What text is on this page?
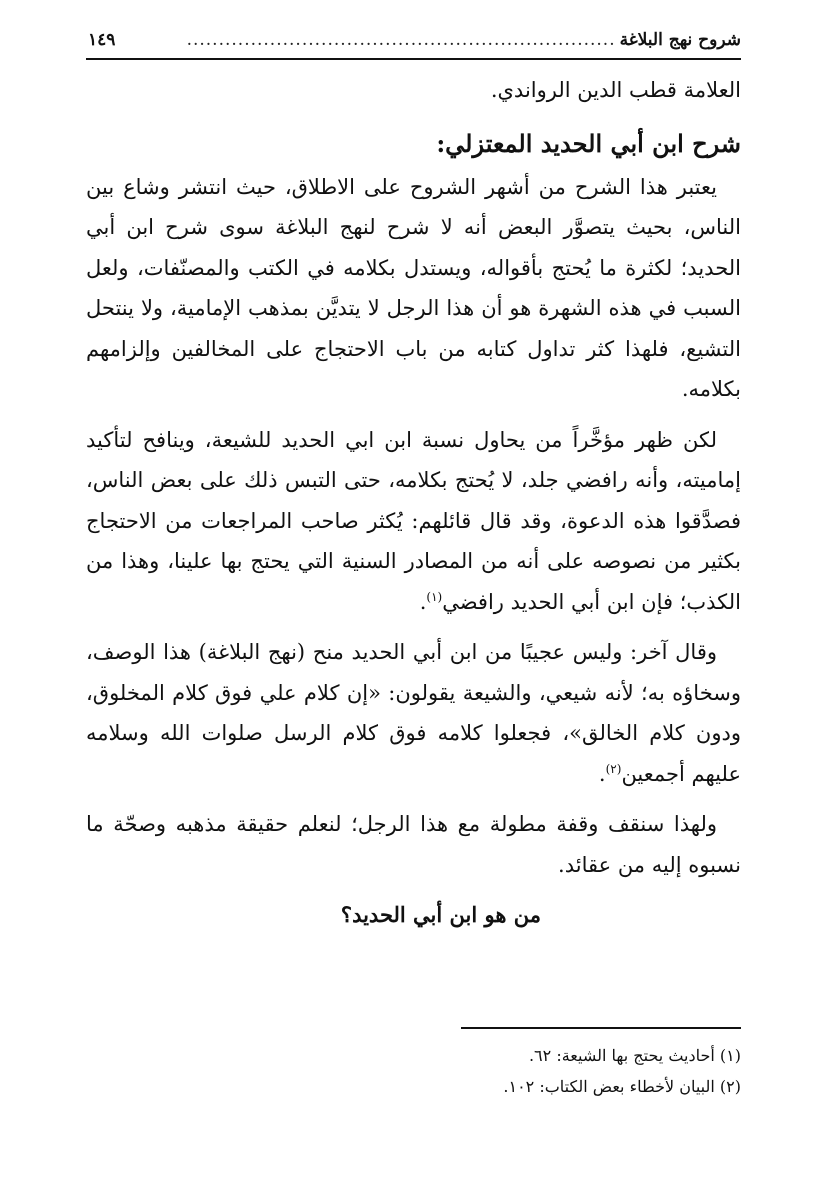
شروح نهج البلاغة
...................................................................
١٤٩

العلامة قطب الدين الرواندي.

شرح ابن أبي الحديد المعتزلي:

يعتبر هذا الشرح من أشهر الشروح على الاطلاق، حيث انتشر وشاع بين الناس، بحيث يتصوَّر البعض أنه لا شرح لنهج البلاغة سوى شرح ابن أبي الحديد؛ لكثرة ما يُحتج بأقواله، ويستدل بكلامه في الكتب والمصنّفات، ولعل السبب في هذه الشهرة هو أن هذا الرجل لا يتديَّن بمذهب الإمامية، ولا ينتحل التشيع، فلهذا كثر تداول كتابه من باب الاحتجاج على المخالفين وإلزامهم بكلامه.

لكن ظهر مؤخَّراً من يحاول نسبة ابن ابي الحديد للشيعة، وينافح لتأكيد إماميته، وأنه رافضي جلد، لا يُحتج بكلامه، حتى التبس ذلك على بعض الناس، فصدَّقوا هذه الدعوة، وقد قال قائلهم: يُكثر صاحب المراجعات من الاحتجاج بكثير من نصوصه على أنه من المصادر السنية التي يحتج بها علينا، وهذا من الكذب؛ فإن ابن أبي الحديد رافضي$^{(١)}$.

وقال آخر: وليس عجيبًا من ابن أبي الحديد منح (نهج البلاغة) هذا الوصف، وسخاؤه به؛ لأنه شيعي، والشيعة يقولون: «إن كلام علي فوق كلام المخلوق، ودون كلام الخالق»، فجعلوا كلامه فوق كلام الرسل صلوات الله وسلامه عليهم أجمعين$^{(٢)}$.

ولهذا سنقف وقفة مطولة مع هذا الرجل؛ لنعلم حقيقة مذهبه وصحّة ما نسبوه إليه من عقائد.

من هو ابن أبي الحديد؟

(١) أحاديث يحتج بها الشيعة: ٦٢.
(٢) البيان لأخطاء بعض الكتاب: ١٠٢.
